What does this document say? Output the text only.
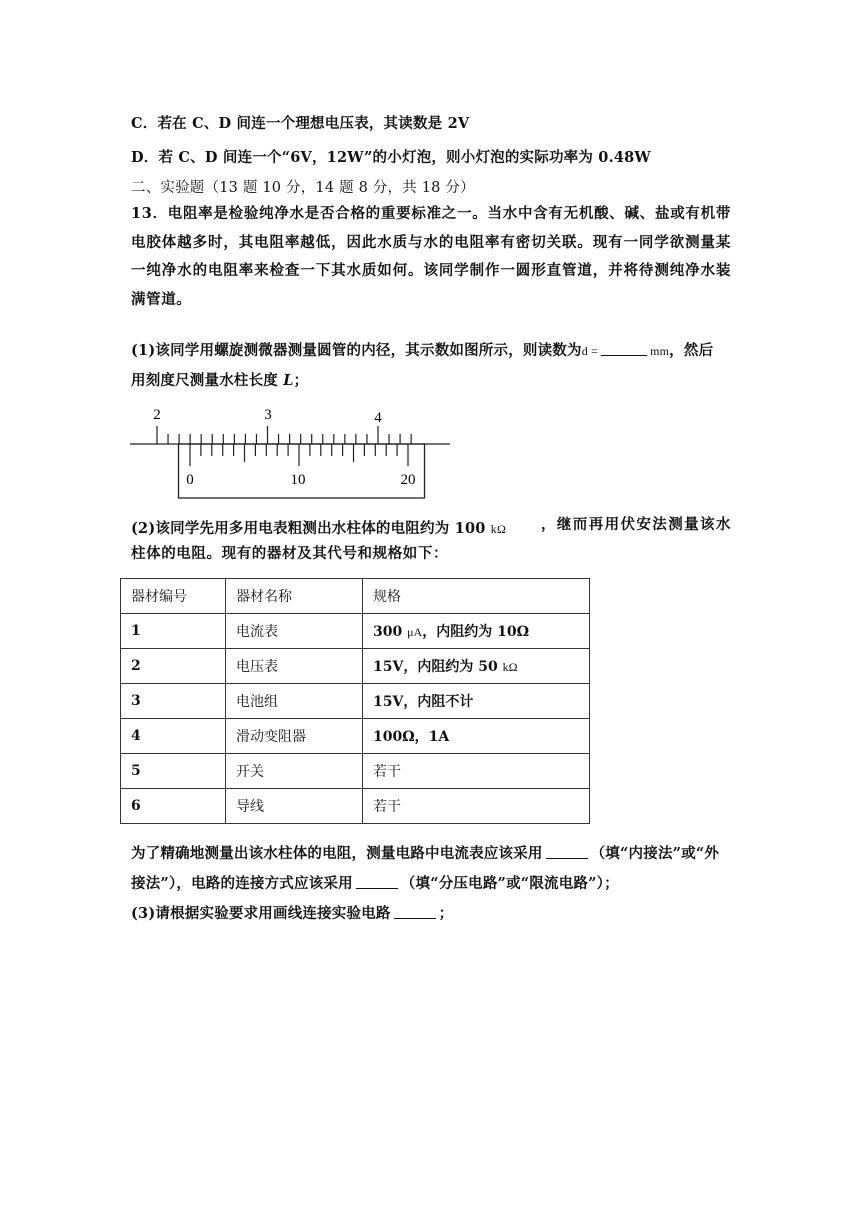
C．若在 C、D 间连一个理想电压表，其读数是 2V
D．若 C、D 间连一个“6V，12W”的小灯泡，则小灯泡的实际功率为 0.48W
二、实验题（13 题 10 分，14 题 8 分，共 18 分）
13．电阻率是检验纯净水是否合格的重要标准之一。当水中含有无机酸、碱、盐或有机带电胶体越多时，其电阻率越低，因此水质与水的电阻率有密切关联。现有一同学欲测量某一纯净水的电阻率来检查一下其水质如何。该同学制作一圆形直管道，并将待测纯净水装满管道。
(1)该同学用螺旋测微器测量圆管的内径，其示数如图所示，则读数为d =	mm，然后
用刻度尺测量水柱长度 L；
2	3	4
0	10	20
(2)该同学先用多用电表粗测出水柱体的电阻约为 100 kΩ	，继而再用伏安法测量该水柱体的电阻。现有的器材及其代号和规格如下：
器材编号	器材名称	规格
1	电流表	300 μA，内阻约为 10Ω
2	电压表	15V，内阻约为 50 kΩ
3	电池组	15V，内阻不计
4	滑动变阻器	100Ω，1A
5	开关	若干
6	导线	若干
为了精确地测量出该水柱体的电阻，测量电路中电流表应该采用	（填“内接法”或“外
接法”），电路的连接方式应该采用	（填“分压电路”或“限流电路”）；
(3)请根据实验要求用画线连接实验电路	；
